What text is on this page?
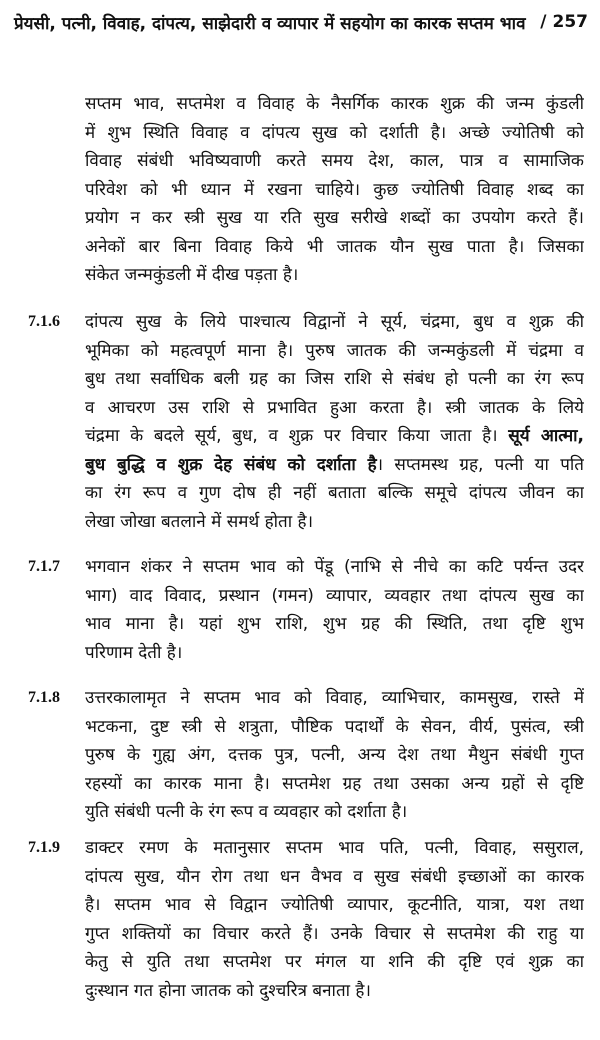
प्रेयसी, पत्नी, विवाह, दांपत्य, साझेदारी व व्यापार में सहयोग का कारक सप्तम भाव / 257
सप्तम भाव, सप्तमेश व विवाह के नैसर्गिक कारक शुक्र की जन्म कुंडली
में शुभ स्थिति विवाह व दांपत्य सुख को दर्शाती है। अच्छे ज्योतिषी को
विवाह संबंधी भविष्यवाणी करते समय देश, काल, पात्र व सामाजिक
परिवेश को भी ध्यान में रखना चाहिये। कुछ ज्योतिषी विवाह शब्द का
प्रयोग न कर स्त्री सुख या रति सुख सरीखे शब्दों का उपयोग करते हैं।
अनेकों बार बिना विवाह किये भी जातक यौन सुख पाता है। जिसका
संकेत जन्मकुंडली में दीख पड़ता है।
7.1.6 दांपत्य सुख के लिये पाश्चात्य विद्वानों ने सूर्य, चंद्रमा, बुध व शुक्र की
भूमिका को महत्वपूर्ण माना है। पुरुष जातक की जन्मकुंडली में चंद्रमा व
बुध तथा सर्वाधिक बली ग्रह का जिस राशि से संबंध हो पत्नी का रंग रूप
व आचरण उस राशि से प्रभावित हुआ करता है। स्त्री जातक के लिये
चंद्रमा के बदले सूर्य, बुध, व शुक्र पर विचार किया जाता है। सूर्य आत्मा,
बुध बुद्धि व शुक्र देह संबंध को दर्शाता है। सप्तमस्थ ग्रह, पत्नी या पति
का रंग रूप व गुण दोष ही नहीं बताता बल्कि समूचे दांपत्य जीवन का
लेखा जोखा बतलाने में समर्थ होता है।
7.1.7 भगवान शंकर ने सप्तम भाव को पेंडू (नाभि से नीचे का कटि पर्यन्त उदर
भाग) वाद विवाद, प्रस्थान (गमन) व्यापार, व्यवहार तथा दांपत्य सुख का
भाव माना है। यहां शुभ राशि, शुभ ग्रह की स्थिति, तथा दृष्टि शुभ
परिणाम देती है।
7.1.8 उत्तरकालामृत ने सप्तम भाव को विवाह, व्याभिचार, कामसुख, रास्ते में
भटकना, दुष्ट स्त्री से शत्रुता, पौष्टिक पदार्थों के सेवन, वीर्य, पुसंत्व, स्त्री
पुरुष के गुह्य अंग, दत्तक पुत्र, पत्नी, अन्य देश तथा मैथुन संबंधी गुप्त
रहस्यों का कारक माना है। सप्तमेश ग्रह तथा उसका अन्य ग्रहों से दृष्टि
युति संबंधी पत्नी के रंग रूप व व्यवहार को दर्शाता है।
7.1.9 डाक्टर रमण के मतानुसार सप्तम भाव पति, पत्नी, विवाह, ससुराल,
दांपत्य सुख, यौन रोग तथा धन वैभव व सुख संबंधी इच्छाओं का कारक
है। सप्तम भाव से विद्वान ज्योतिषी व्यापार, कूटनीति, यात्रा, यश तथा
गुप्त शक्तियों का विचार करते हैं। उनके विचार से सप्तमेश की राहु या
केतु से युति तथा सप्तमेश पर मंगल या शनि की दृष्टि एवं शुक्र का
दुःस्थान गत होना जातक को दुश्चरित्र बनाता है।
